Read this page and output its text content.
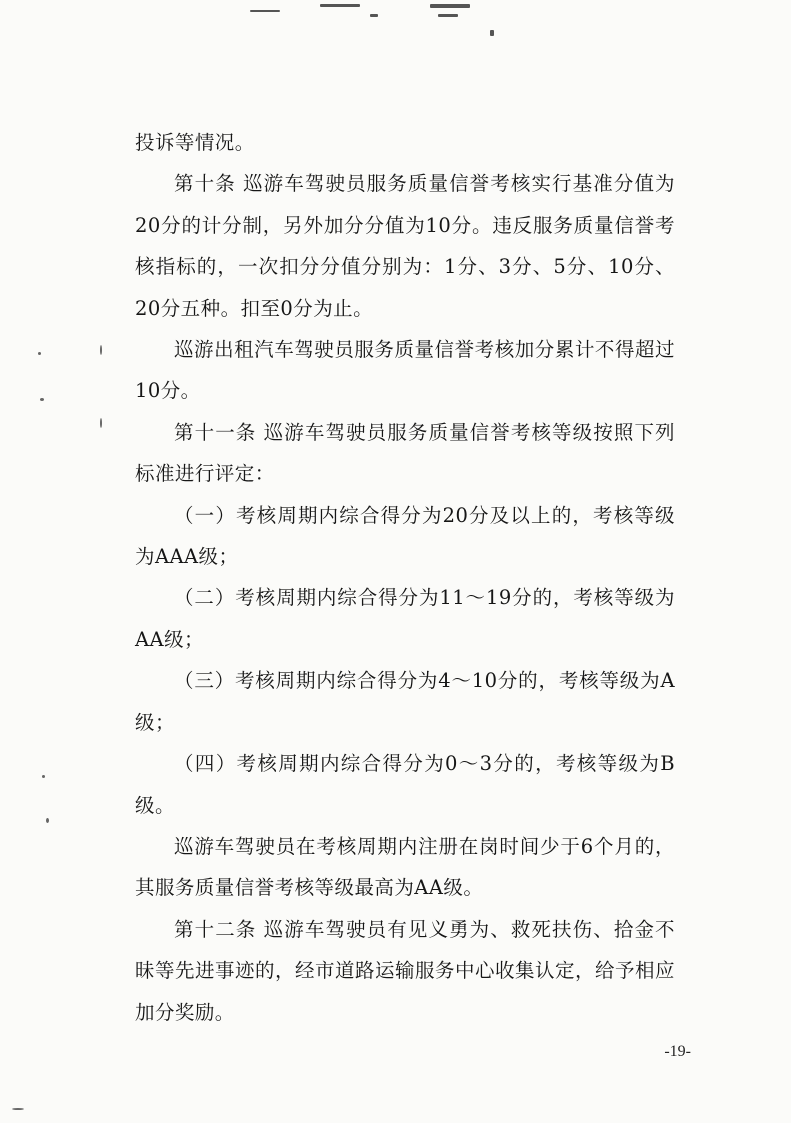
投诉等情况。

第十条 巡游车驾驶员服务质量信誉考核实行基准分值为20分的计分制，另外加分分值为10分。违反服务质量信誉考核指标的，一次扣分分值分别为：1分、3分、5分、10分、20分五种。扣至0分为止。

巡游出租汽车驾驶员服务质量信誉考核加分累计不得超过10分。

第十一条 巡游车驾驶员服务质量信誉考核等级按照下列标准进行评定：

（一）考核周期内综合得分为20分及以上的，考核等级为AAA级；

（二）考核周期内综合得分为11～19分的，考核等级为AA级；

（三）考核周期内综合得分为4～10分的，考核等级为A级；

（四）考核周期内综合得分为0～3分的，考核等级为B级。

巡游车驾驶员在考核周期内注册在岗时间少于6个月的，其服务质量信誉考核等级最高为AA级。

第十二条 巡游车驾驶员有见义勇为、救死扶伤、拾金不昧等先进事迹的，经市道路运输服务中心收集认定，给予相应加分奖励。

-19-
